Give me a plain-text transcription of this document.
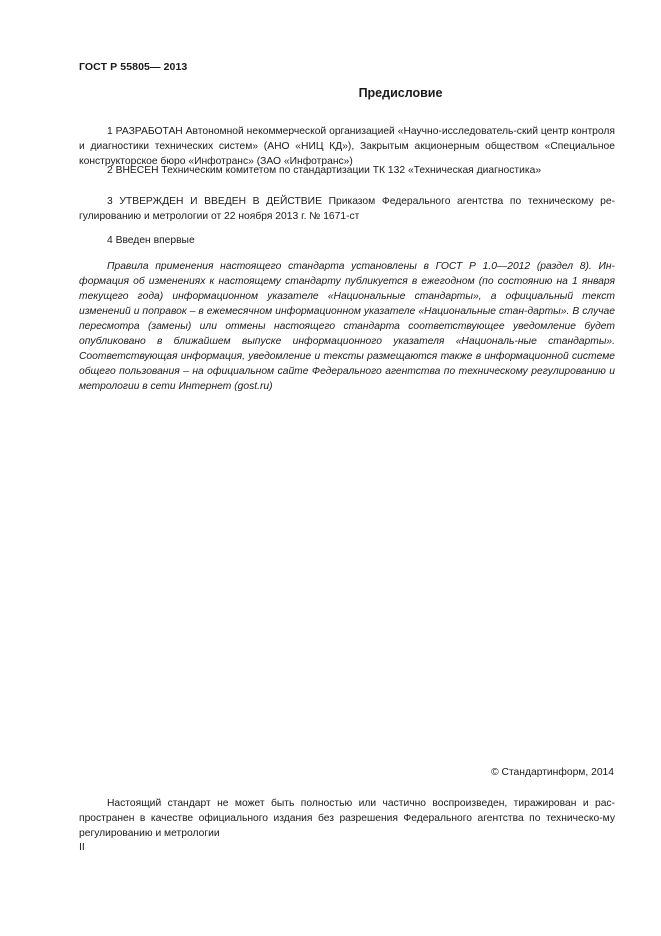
ГОСТ Р 55805— 2013
Предисловие
1 РАЗРАБОТАН Автономной некоммерческой организацией «Научно-исследователь-ский центр контроля и диагностики технических систем» (АНО «НИЦ КД»), Закрытым акционерным обществом «Специальное конструкторское бюро «Инфотранс» (ЗАО «Инфотранс»)
2 ВНЕСЕН Техническим комитетом по стандартизации ТК 132 «Техническая диагностика»
3 УТВЕРЖДЕН И ВВЕДЕН В ДЕЙСТВИЕ Приказом Федерального агентства по техническому ре-гулированию и метрологии от 22 ноября 2013 г. № 1671-ст
4 Введен впервые
Правила применения настоящего стандарта установлены в ГОСТ Р 1.0—2012 (раздел 8). Ин-формация об изменениях к настоящему стандарту публикуется в ежегодном (по состоянию на 1 января текущего года) информационном указателе «Национальные стандарты», а официальный текст изменений и поправок – в ежемесячном информационном указателе «Национальные стан-дарты». В случае пересмотра (замены) или отмены настоящего стандарта соответствующее уведомление будет опубликовано в ближайшем выпуске информационного указателя «Националь-ные стандарты». Соответствующая информация, уведомление и тексты размещаются также в информационной системе общего пользования – на официальном сайте Федерального агентства по техническому регулированию и метрологии в сети Интернет (gost.ru)
© Стандартинформ, 2014
Настоящий стандарт не может быть полностью или частично воспроизведен, тиражирован и рас-пространен в качестве официального издания без разрешения Федерального агентства по техническо-му регулированию и метрологии
II
